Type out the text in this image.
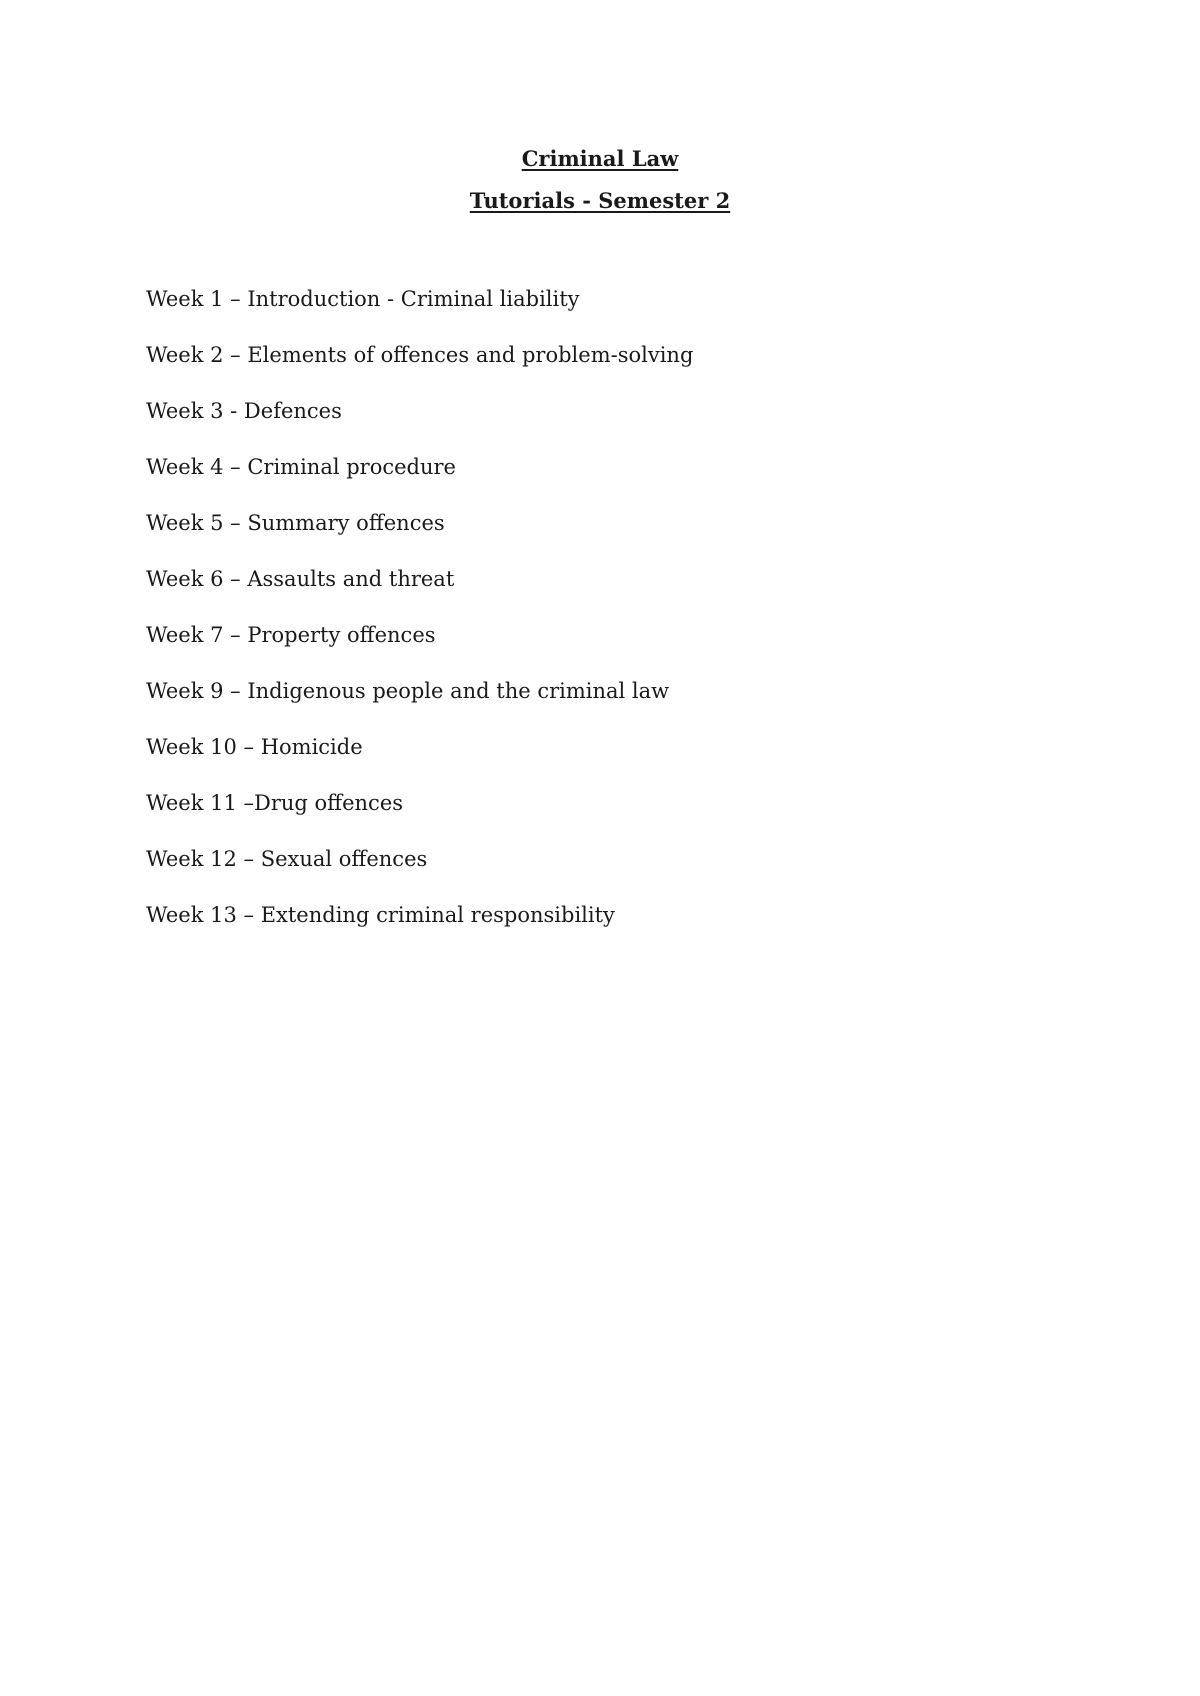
Criminal Law
Tutorials - Semester 2
Week 1 – Introduction - Criminal liability
Week 2 – Elements of offences and problem-solving
Week 3 - Defences
Week 4 – Criminal procedure
Week 5 – Summary offences
Week 6 – Assaults and threat
Week 7 – Property offences
Week 9 – Indigenous people and the criminal law
Week 10 – Homicide
Week 11 –Drug offences
Week 12 – Sexual offences
Week 13 – Extending criminal responsibility
